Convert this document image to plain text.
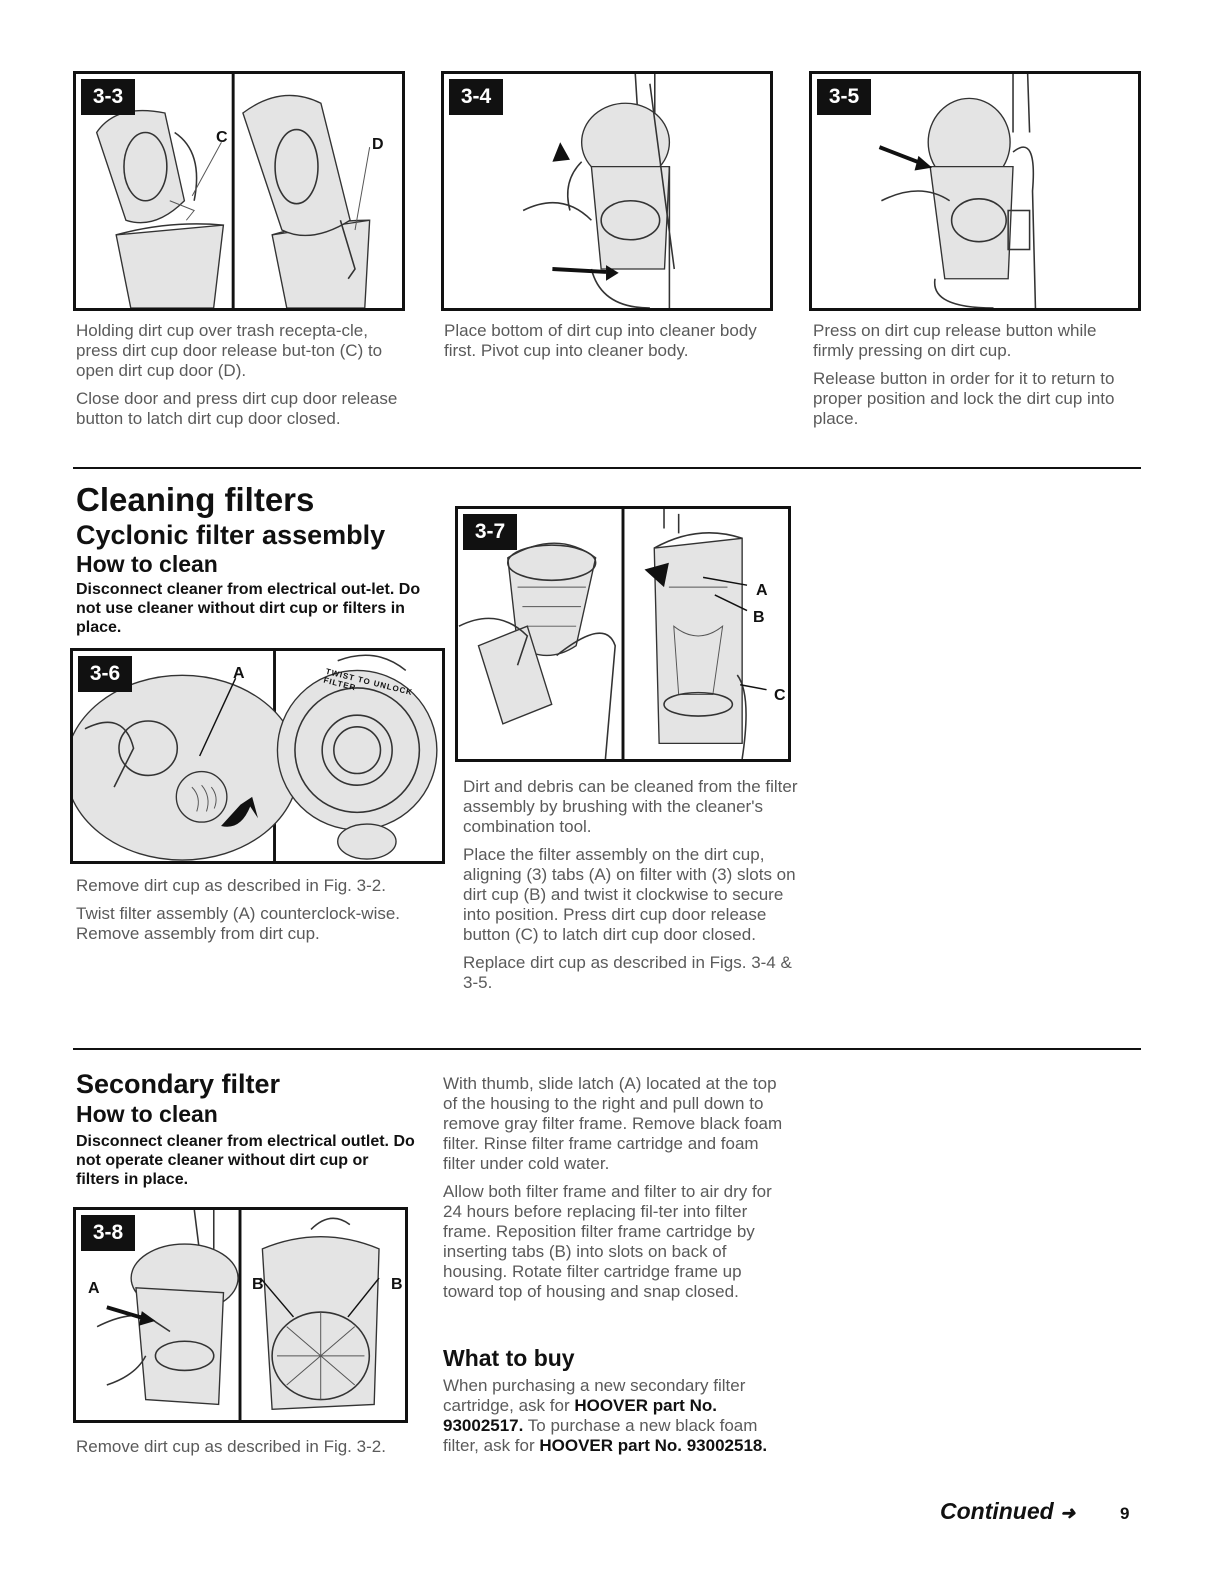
3-3
C	D
3-4	3-5

Holding dirt cup over trash recepta-cle, press dirt cup door release but-ton (C) to open dirt cup door (D).

Close door and press dirt cup door release button to latch dirt cup door closed.

Place bottom of dirt cup into cleaner body first. Pivot cup into cleaner body.

Press on dirt cup release button while firmly pressing on dirt cup.

Release button in order for it to return to proper position and lock the dirt cup into place.

Cleaning filters
Cyclonic filter assembly
How to clean

Disconnect cleaner from electrical out-let. Do not use cleaner without dirt cup or filters in place.

3-6	A	TWIST TO UNLOCK FILTER

Remove dirt cup as described in Fig. 3-2.

Twist filter assembly (A) counterclock-wise. Remove assembly from dirt cup.

3-7
A
B
C

Dirt and debris can be cleaned from the filter assembly by brushing with the cleaner's combination tool.

Place the filter assembly on the dirt cup, aligning (3) tabs (A) on filter with (3) slots on dirt cup (B) and twist it clockwise to secure into position. Press dirt cup door release button (C) to latch dirt cup door closed.

Replace dirt cup as described in Figs. 3-4 & 3-5.

Secondary filter
How to clean

Disconnect cleaner from electrical outlet. Do not operate cleaner without dirt cup or filters in place.

3-8
A	B	B

Remove dirt cup as described in Fig. 3-2.

With thumb, slide latch (A) located at the top of the housing to the right and pull down to remove gray filter frame. Remove black foam filter. Rinse filter frame cartridge and foam filter under cold water.

Allow both filter frame and filter to air dry for 24 hours before replacing fil-ter into filter frame. Reposition filter frame cartridge by inserting tabs (B) into slots on back of housing. Rotate filter cartridge frame up toward top of housing and snap closed.

What to buy

When purchasing a new secondary filter cartridge, ask for HOOVER part No. 93002517. To purchase a new black foam filter, ask for HOOVER part No. 93002518.

Continued ➜	9
